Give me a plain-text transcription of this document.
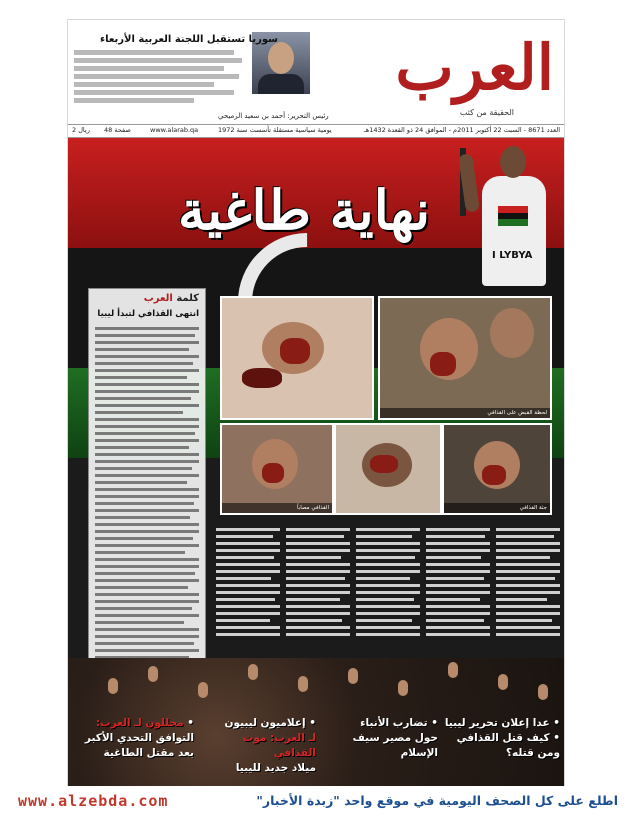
العرب
الحقيقة من كثب
سوريا تستقبل اللجنة العربية الأربعاء
رئيس التحرير: أحمد بن سعيد الرميحي
العدد 8671 - السبت 22 أكتوبر 2011م - الموافق 24 ذو القعدة 1432هـ
يومية سياسية مستقلة تأسست سنة 1972
www.alarab.qa
48 صفحة
2 ريال
نهاية طاغية
I LYBYA
كلمة العرب
انتهى القذافي لتبدأ ليبيا
لحظة القبض على القذافي
القذافي مصاباً	جثة القذافي
• عدا إعلان تحرير ليبيا
• كيف قتل القذافي
ومن قتله؟
• تضارب الأنباء
حول مصير سيف
الإسلام
• إعلاميون ليبيون
لـ العرب: موت القذافي
ميلاد جديد لليبيا
• محللون لـ العرب:
التوافق التحدي الأكبر
بعد مقتل الطاغية
www.alzebda.com	اطلع على كل الصحف اليومية في موقع واحد "زبدة الأخبار"
